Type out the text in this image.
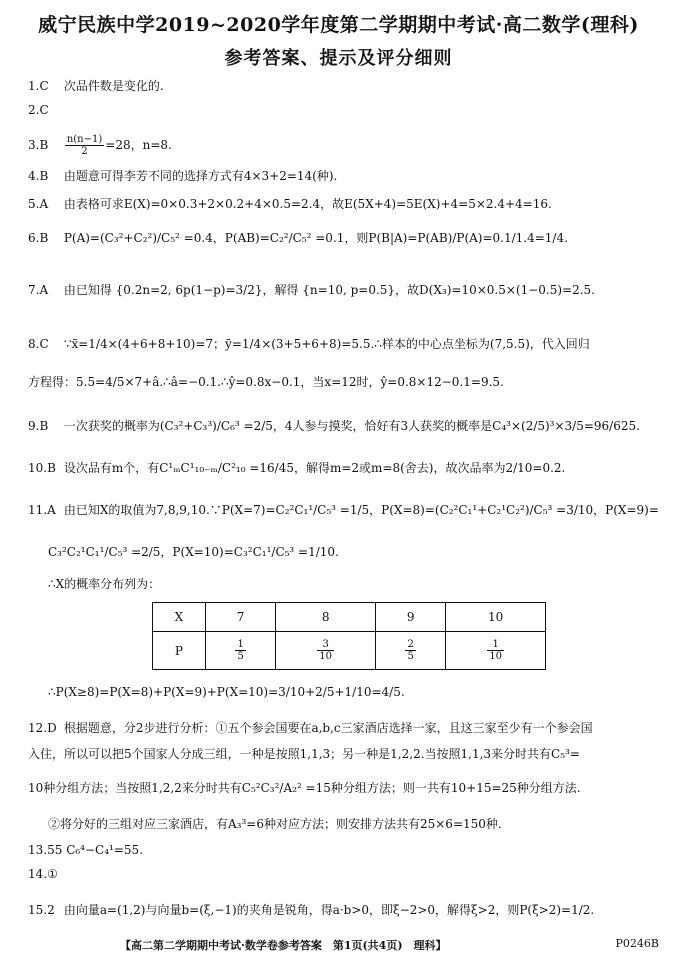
威宁民族中学2019~2020学年度第二学期期中考试·高二数学(理科)
参考答案、提示及评分细则
1.C 次品件数是变化的.
2.C
$3.B \frac{n(n-1)}{2} =28$，n=8.
4.B 由题意可得李芳不同的选择方式有4×3+2=14(种).
5.A 由表格可求E(X)=0×0.3+2×0.2+4×0.5=2.4，故E(5X+4)=5E(X)+4=5×2.4+4=16.
6.B P(A)=(C₃²+C₂²)/C₅² =0.4，P(AB)=C₂²/C₅² =0.1，则P(B|A)=P(AB)/P(A)=0.1/1.4=1/4.
7.A 由已知得 {0.2n=2, 6p(1−p)=3/2}，解得 {n=10, p=0.5}，故D(X₃)=10×0.5×(1−0.5)=2.5.
8.C ∵x̄=1/4×(4+6+8+10)=7；ȳ=1/4×(3+5+6+8)=5.5.∴样本的中心点坐标为(7,5.5)，代入回归
方程得：5.5=4/5×7+â.∴â=−0.1.∴ŷ=0.8x−0.1，当x=12时，ŷ=0.8×12−0.1=9.5.
9.B 一次获奖的概率为(C₃²+C₃³)/C₆³ =2/5，4人参与摸奖，恰好有3人获奖的概率是C₄³×(2/5)³×3/5=96/625.
10.B 设次品有m个，有C¹ₘC¹₁₀₋ₘ/C²₁₀ =16/45，解得m=2或m=8(舍去)，故次品率为2/10=0.2.
11.A 由已知X的取值为7,8,9,10.∵P(X=7)=C₂²C₁¹/C₅³ =1/5，P(X=8)=(C₂²C₁¹+C₂¹C₂²)/C₅³ =3/10，P(X=9)=
C₃²C₂¹C₁¹/C₅³ =2/5，P(X=10)=C₃²C₁¹/C₅³ =1/10.
∴X的概率分布列为：
X	7	8	9	10
P	$\frac{1}{5}$	$\frac{3}{10}$	$\frac{2}{5}$	$\frac{1}{10}$
∴P(X≥8)=P(X=8)+P(X=9)+P(X=10)=3/10+2/5+1/10=4/5.
12.D 根据题意，分2步进行分析：①五个参会国要在a,b,c三家酒店选择一家，且这三家至少有一个参会国
入住，所以可以把5个国家人分成三组，一种是按照1,1,3；另一种是1,2,2.当按照1,1,3来分时共有C₅³=
10种分组方法；当按照1,2,2来分时共有C₅²C₃²/A₂² =15种分组方法；则一共有10+15=25种分组方法.
②将分好的三组对应三家酒店，有A₃³=6种对应方法；则安排方法共有25×6=150种.
13.55 C₆⁴−C₄¹=55.
14.①
15.2 由向量a=(1,2)与向量b=(ξ,−1)的夹角是锐角，得a·b>0，即ξ−2>0，解得ξ>2，则P(ξ>2)=1/2.
【高二第二学期期中考试·数学卷参考答案　第1页(共4页)　理科】	P0246B
